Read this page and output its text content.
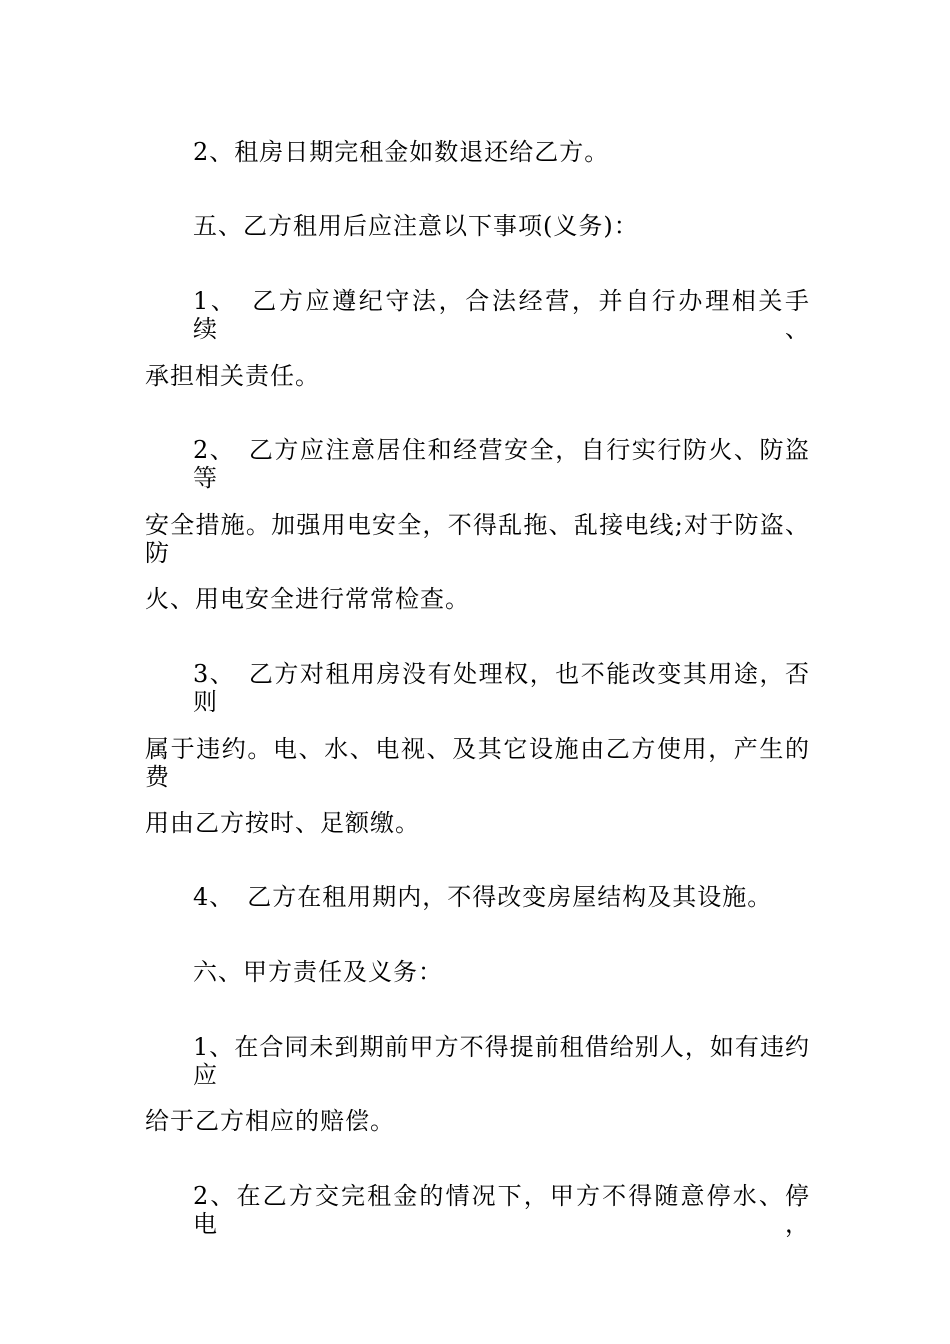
2、租房日期完租金如数退还给乙方。
五、乙方租用后应注意以下事项(义务)：
1、　乙方应遵纪守法，合法经营，并自行办理相关手续、
承担相关责任。
2、　乙方应注意居住和经营安全，自行实行防火、防盗等
安全措施。加强用电安全，不得乱拖、乱接电线;对于防盗、防
火、用电安全进行常常检查。
3、　乙方对租用房没有处理权，也不能改变其用途，否则
属于违约。电、水、电视、及其它设施由乙方使用，产生的费
用由乙方按时、足额缴。
4、　乙方在租用期内，不得改变房屋结构及其设施。
六、甲方责任及义务：
1、在合同未到期前甲方不得提前租借给别人，如有违约应
给于乙方相应的赔偿。
2、在乙方交完租金的情况下，甲方不得随意停水、停电，
